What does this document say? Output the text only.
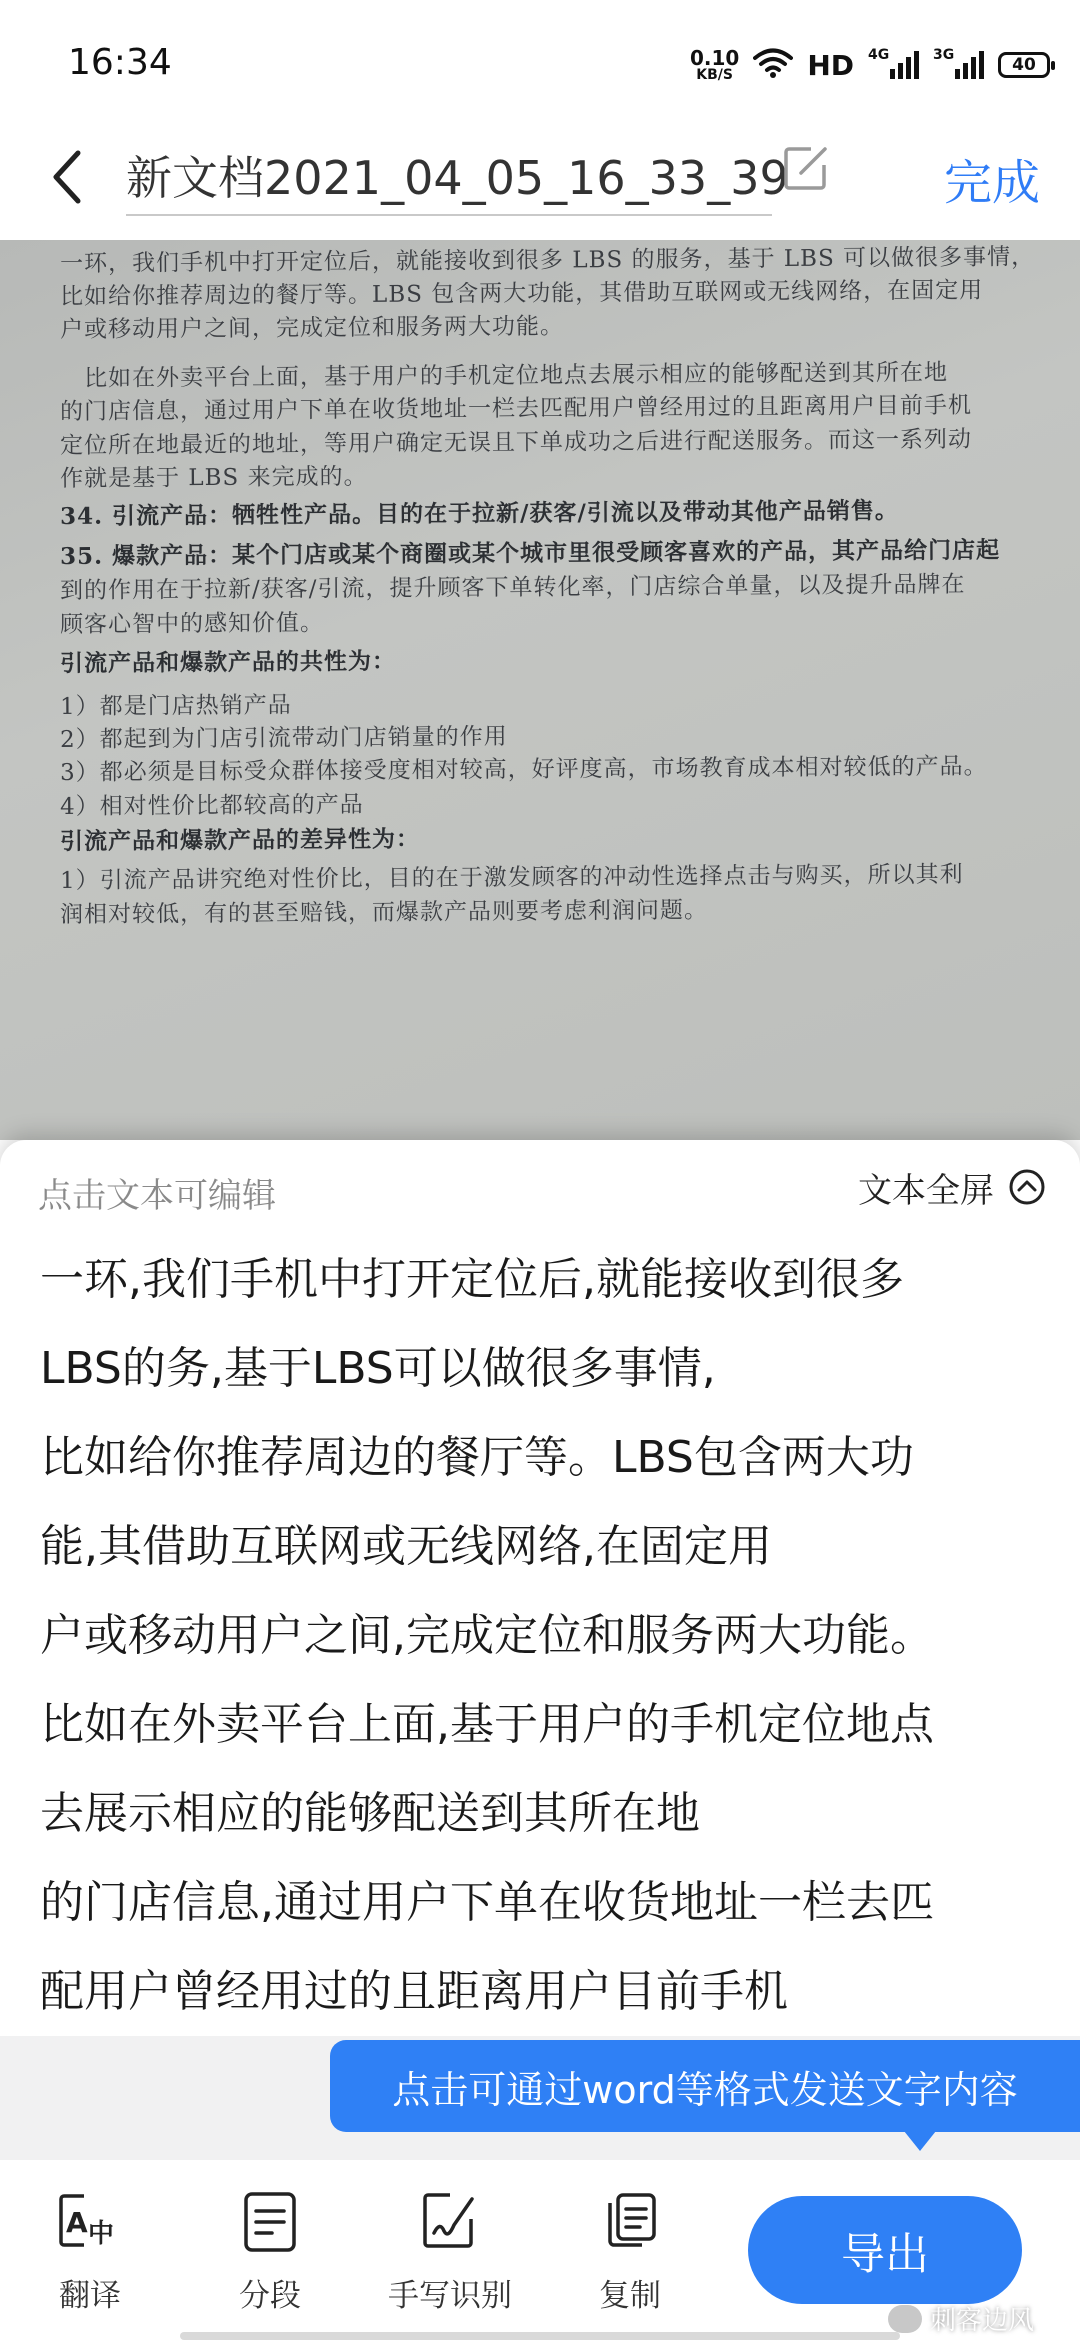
16:34	0.10
KB/S	HD 4G	3G	40
新文档2021_04_05_16_33_39	完成
一环，我们手机中打开定位后，就能接收到很多 LBS 的服务，基于 LBS 可以做很多事情，
比如给你推荐周边的餐厅等。LBS 包含两大功能，其借助互联网或无线网络，在固定用
户或移动用户之间，完成定位和服务两大功能。
　比如在外卖平台上面，基于用户的手机定位地点去展示相应的能够配送到其所在地
的门店信息，通过用户下单在收货地址一栏去匹配用户曾经用过的且距离用户目前手机
定位所在地最近的地址，等用户确定无误且下单成功之后进行配送服务。而这一系列动
作就是基于 LBS 来完成的。
34. 引流产品：牺牲性产品。目的在于拉新/获客/引流以及带动其他产品销售。
35. 爆款产品：某个门店或某个商圈或某个城市里很受顾客喜欢的产品，其产品给门店起
到的作用在于拉新/获客/引流，提升顾客下单转化率，门店综合单量，以及提升品牌在
顾客心智中的感知价值。
引流产品和爆款产品的共性为：
1）都是门店热销产品
2）都起到为门店引流带动门店销量的作用
3）都必须是目标受众群体接受度相对较高，好评度高，市场教育成本相对较低的产品。
4）相对性价比都较高的产品
引流产品和爆款产品的差异性为：
1）引流产品讲究绝对性价比，目的在于激发顾客的冲动性选择点击与购买，所以其利
润相对较低，有的甚至赔钱，而爆款产品则要考虑利润问题。
点击文本可编辑	文本全屏
一环,我们手机中打开定位后,就能接收到很多
LBS的务,基于LBS可以做很多事情,
比如给你推荐周边的餐厅等。LBS包含两大功
能,其借助互联网或无线网络,在固定用
户或移动用户之间,完成定位和服务两大功能。
比如在外卖平台上面,基于用户的手机定位地点
去展示相应的能够配送到其所在地
的门店信息,通过用户下单在收货地址一栏去匹
配用户曾经用过的且距离用户目前手机
点击可通过word等格式发送文字内容
A 中
翻译	分段	手写识别	复制
导出
刺客边风
